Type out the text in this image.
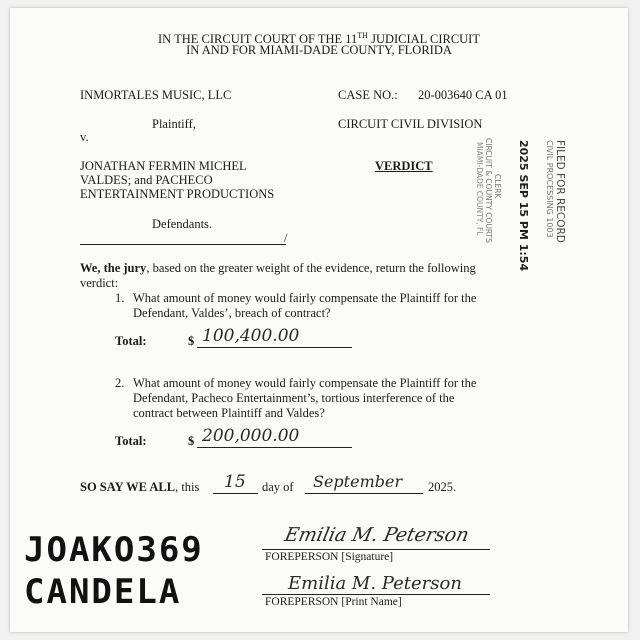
IN THE CIRCUIT COURT OF THE 11TH JUDICIAL CIRCUIT
IN AND FOR MIAMI-DADE COUNTY, FLORIDA
INMORTALES MUSIC, LLC
Plaintiff,
v.
JONATHAN FERMIN MICHEL
VALDES; and PACHECO
ENTERTAINMENT PRODUCTIONS
Defendants.
/
CASE NO.: 20-003640 CA 01
CIRCUIT CIVIL DIVISION
VERDICT	FILED FOR RECORD
CIVIL PROCESSING 1003
2025 SEP 15 PM 1:54
CLERK
CIRCUIT & COUNTY COURTS
MIAMI-DADE COUNTY, FL
We, the jury, based on the greater weight of the evidence, return the following
verdict:
1. What amount of money would fairly compensate the Plaintiff for the
Defendant, Valdes’, breach of contract?
Total:	$ 100,400.00
2. What amount of money would fairly compensate the Plaintiff for the
Defendant, Pacheco Entertainment’s, tortious interference of the
contract between Plaintiff and Valdes?
Total:	$ 200,000.00
SO SAY WE ALL, this 15 day of September 2025.
Emilia M. Peterson
FOREPERSON [Signature]
Emilia M. Peterson
FOREPERSON [Print Name]
JOAKO369
CANDELA
